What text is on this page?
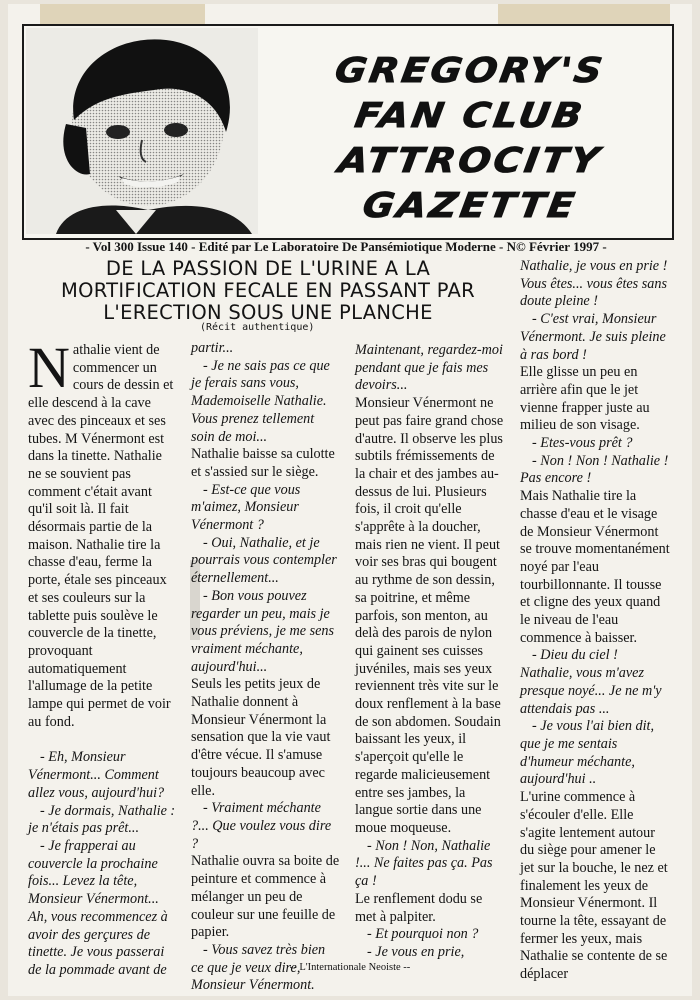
GREGORY'S
FAN CLUB
ATTROCITY
GAZETTE
- Vol 300 Issue 140 - Edité par Le Laboratoire De Pansémiotique Moderne - N© Février 1997 -
DE LA PASSION DE L'URINE A LA MORTIFICATION FECALE EN PASSANT PAR L'ERECTION SOUS UNE PLANCHE
(Récit authentique)

Nathalie vient de commencer un cours de dessin et elle descend à la cave avec des pinceaux et ses tubes. M Vénermont est dans la tinette. Nathalie ne se souvient pas comment c'était avant qu'il soit là. Il fait désormais partie de la maison. Nathalie tire la chasse d'eau, ferme la porte, étale ses pinceaux et ses couleurs sur la tablette puis soulève le couvercle de la tinette, provoquant automatiquement l'allumage de la petite lampe qui permet de voir au fond.

- Eh, Monsieur Vénermont... Comment allez vous, aujourd'hui?

- Je dormais, Nathalie : je n'étais pas prêt...

- Je frapperai au couvercle la prochaine fois... Levez la tête, Monsieur Vénermont... Ah, vous recommencez à avoir des gerçures de tinette. Je vous passerai de la pommade avant de

partir...

- Je ne sais pas ce que je ferais sans vous, Mademoiselle Nathalie. Vous prenez tellement soin de moi...

Nathalie baisse sa culotte et s'assied sur le siège.

- Est-ce que vous m'aimez, Monsieur Vénermont ?

- Oui, Nathalie, et je pourrais vous contempler éternellement...

- Bon vous pouvez regarder un peu, mais je vous préviens, je me sens vraiment méchante, aujourd'hui...

Seuls les petits jeux de Nathalie donnent à Monsieur Vénermont la sensation que la vie vaut d'être vécue. Il s'amuse toujours beaucoup avec elle.

- Vraiment méchante ?... Que voulez vous dire ?

Nathalie ouvra sa boite de peinture et commence à mélanger un peu de couleur sur une feuille de papier.

- Vous savez très bien ce que je veux dire, Monsieur Vénermont.

Maintenant, regardez-moi pendant que je fais mes devoirs...

Monsieur Vénermont ne peut pas faire grand chose d'autre. Il observe les plus subtils frémissements de la chair et des jambes au-dessus de lui. Plusieurs fois, il croit qu'elle s'apprête à la doucher, mais rien ne vient. Il peut voir ses bras qui bougent au rythme de son dessin, sa poitrine, et même parfois, son menton, au delà des parois de nylon qui gainent ses cuisses juvéniles, mais ses yeux reviennent très vite sur le doux renflement à la base de son abdomen. Soudain baissant les yeux, il s'aperçoit qu'elle le regarde malicieusement entre ses jambes, la langue sortie dans une moue moqueuse.

- Non ! Non, Nathalie !... Ne faites pas ça. Pas ça !

Le renflement dodu se met à palpiter.

- Et pourquoi non ?

- Je vous en prie,

Nathalie, je vous en prie ! Vous êtes... vous êtes sans doute pleine !

- C'est vrai, Monsieur Vénermont. Je suis pleine à ras bord !

Elle glisse un peu en arrière afin que le jet vienne frapper juste au milieu de son visage.

- Etes-vous prêt ?

- Non ! Non ! Nathalie ! Pas encore !

Mais Nathalie tire la chasse d'eau et le visage de Monsieur Vénermont se trouve momentanément noyé par l'eau tourbillonnante. Il tousse et cligne des yeux quand le niveau de l'eau commence à baisser.

- Dieu du ciel ! Nathalie, vous m'avez presque noyé... Je ne m'y attendais pas ...

- Je vous l'ai bien dit, que je me sentais d'humeur méchante, aujourd'hui ..

L'urine commence à s'écouler d'elle. Elle s'agite lentement autour du siège pour amener le jet sur la bouche, le nez et finalement les yeux de Monsieur Vénermont. Il tourne la tête, essayant de fermer les yeux, mais Nathalie se contente de se déplacer

-- L'Internationale Neoiste --
